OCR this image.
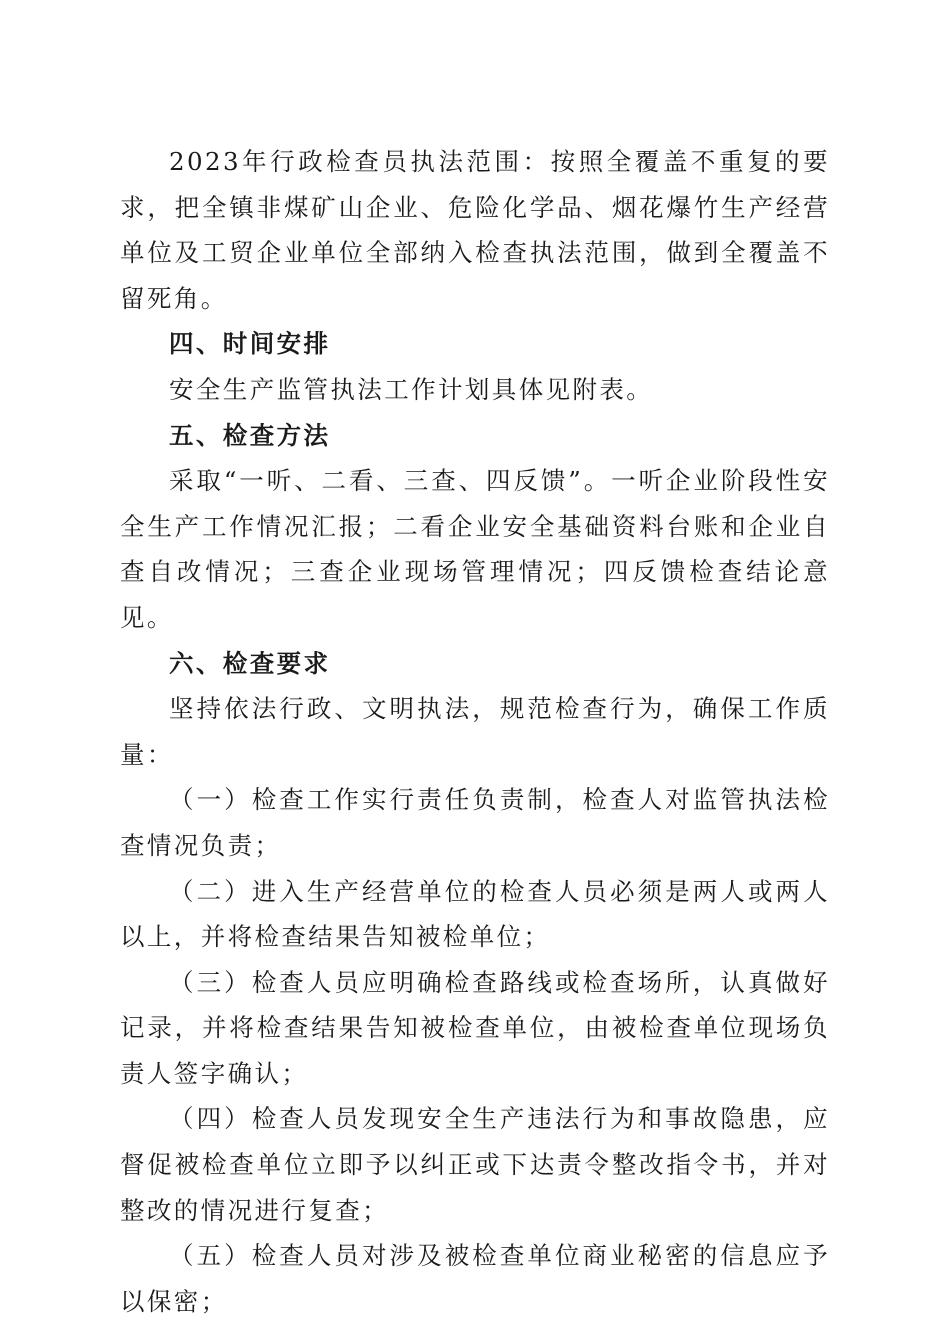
2023年行政检查员执法范围：按照全覆盖不重复的要求，把全镇非煤矿山企业、危险化学品、烟花爆竹生产经营单位及工贸企业单位全部纳入检查执法范围，做到全覆盖不留死角。

四、时间安排

安全生产监管执法工作计划具体见附表。

五、检查方法

采取“一听、二看、三查、四反馈”。一听企业阶段性安全生产工作情况汇报；二看企业安全基础资料台账和企业自查自改情况；三查企业现场管理情况；四反馈检查结论意见。

六、检查要求

坚持依法行政、文明执法，规范检查行为，确保工作质量：

（一）检查工作实行责任负责制，检查人对监管执法检查情况负责；

（二）进入生产经营单位的检查人员必须是两人或两人以上，并将检查结果告知被检单位；

（三）检查人员应明确检查路线或检查场所，认真做好记录，并将检查结果告知被检查单位，由被检查单位现场负责人签字确认；

（四）检查人员发现安全生产违法行为和事故隐患，应督促被检查单位立即予以纠正或下达责令整改指令书，并对整改的情况进行复查；

（五）检查人员对涉及被检查单位商业秘密的信息应予以保密；
